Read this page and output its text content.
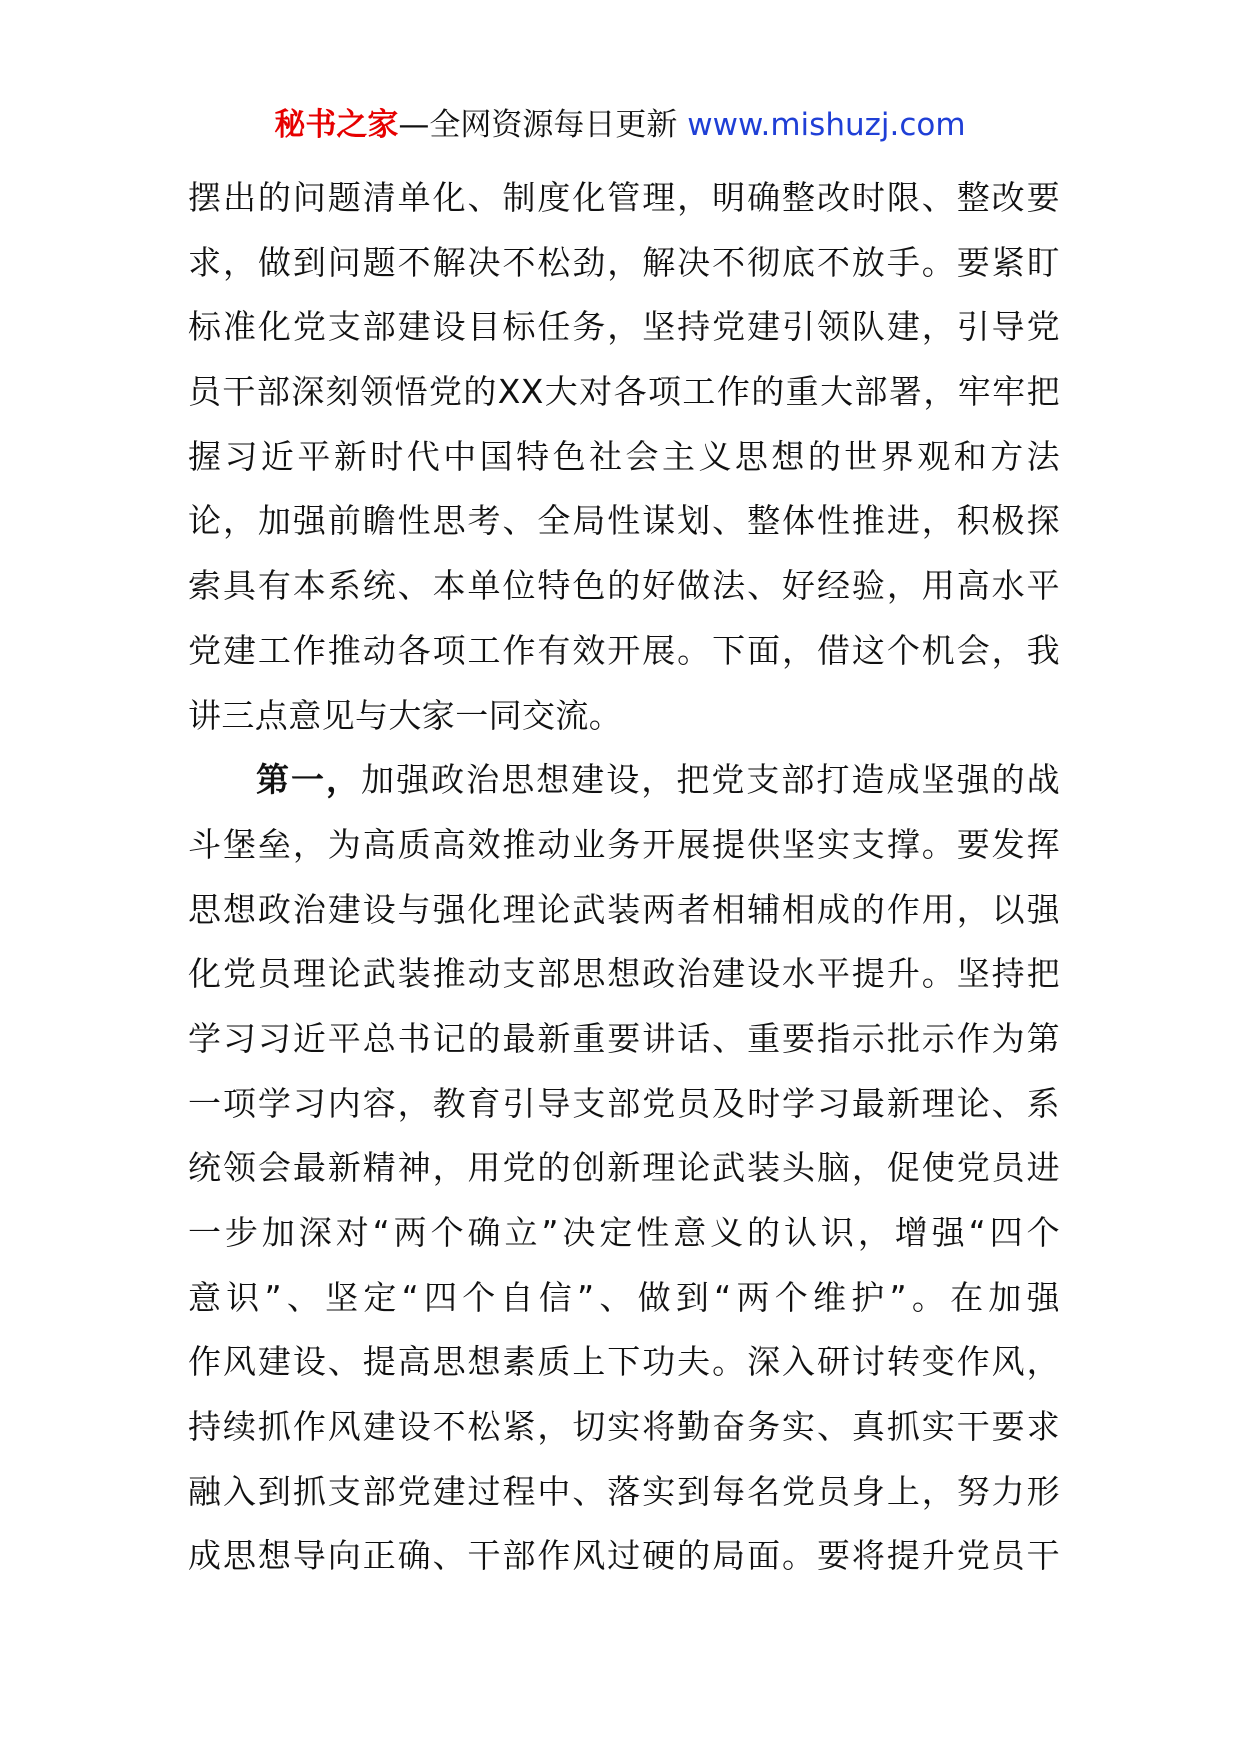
秘书之家—全网资源每日更新 www.mishuzj.com
摆出的问题清单化、制度化管理，明确整改时限、整改要
求，做到问题不解决不松劲，解决不彻底不放手。要紧盯
标准化党支部建设目标任务，坚持党建引领队建，引导党
员干部深刻领悟党的XX大对各项工作的重大部署，牢牢把
握习近平新时代中国特色社会主义思想的世界观和方法
论，加强前瞻性思考、全局性谋划、整体性推进，积极探
索具有本系统、本单位特色的好做法、好经验，用高水平
党建工作推动各项工作有效开展。下面，借这个机会，我
讲三点意见与大家一同交流。
第一，加强政治思想建设，把党支部打造成坚强的战
斗堡垒，为高质高效推动业务开展提供坚实支撑。要发挥
思想政治建设与强化理论武装两者相辅相成的作用，以强
化党员理论武装推动支部思想政治建设水平提升。坚持把
学习习近平总书记的最新重要讲话、重要指示批示作为第
一项学习内容，教育引导支部党员及时学习最新理论、系
统领会最新精神，用党的创新理论武装头脑，促使党员进
一步加深对“两个确立”决定性意义的认识，增强“四个
意识”、坚定“四个自信”、做到“两个维护”。在加强
作风建设、提高思想素质上下功夫。深入研讨转变作风，
持续抓作风建设不松紧，切实将勤奋务实、真抓实干要求
融入到抓支部党建过程中、落实到每名党员身上，努力形
成思想导向正确、干部作风过硬的局面。要将提升党员干
